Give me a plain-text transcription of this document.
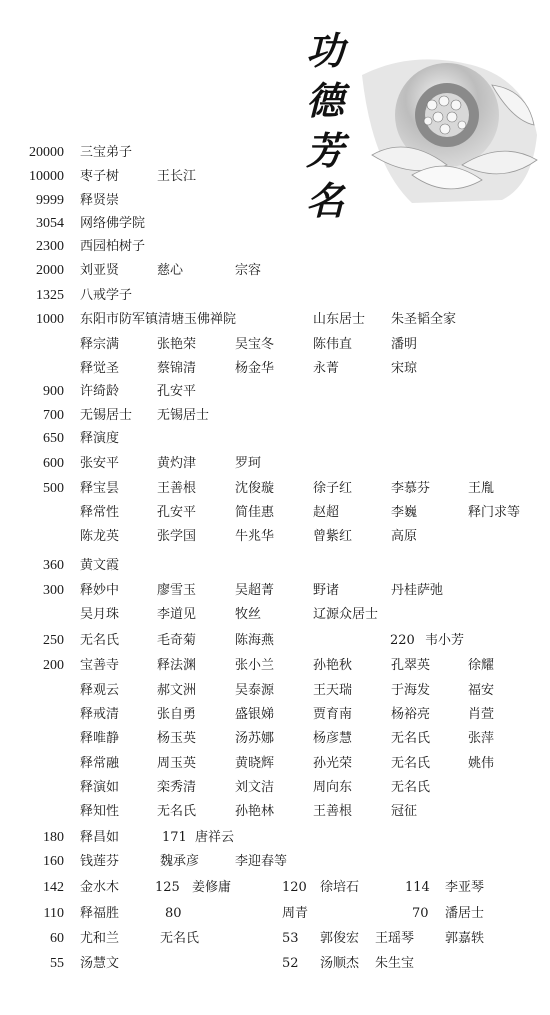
功
德
芳
名
20000 三宝弟子
10000 枣子树	王长江
9999 释贤崇
3054 网络佛学院
2300 西园柏树子
2000 刘亚贤	慈心	宗容
1325 八戒学子
1000 东阳市防军镇清塘玉佛禅院	山东居士 朱圣韬全家
释宗满	张艳荣	吴宝冬	陈伟直	潘明
释觉圣	蔡锦清	杨金华	永菁	宋琼
900 许绮龄	孔安平
700 无锡居士 无锡居士
650 释演度
600 张安平	黄灼津	罗珂
500 释宝昙	王善根	沈俊璇	徐子红	李慕芬	王胤
释常性	孔安平	简佳惠	赵超	李巍	释门求等
陈龙英	张学国	牛兆华	曾紫红	高原
360 黄文霞
300 释妙中	廖雪玉	吴超菁	野诸	丹桂萨弛
吴月珠	李道见	牧丝	辽源众居士
250 无名氏	毛奇菊	陈海燕	220 韦小芳
200 宝善寺	释法渊	张小兰	孙艳秋	孔翠英	徐耀
释观云	郝文洲	吴泰源	王天瑞	于海发	福安
释戒清	张自勇	盛银娣	贾育南	杨裕亮	肖萱
释唯静	杨玉英	汤苏娜	杨彦慧	无名氏	张萍
释常融	周玉英	黄晓辉	孙光荣	无名氏	姚伟
释演如	栾秀清	刘文洁	周向东	无名氏
释知性	无名氏	孙艳林	王善根	冠征
180 释昌如	171 唐祥云
160 钱莲芬	魏承彦	李迎春等
142 金水木	125 姜修庸	120 徐培石	114 李亚琴
110 释福胜	80	周青	70 潘居士
60 尤和兰	无名氏	53 郭俊宏 王瑶琴 郭嘉轶
55 汤慧文	52 汤顺杰 朱生宝
